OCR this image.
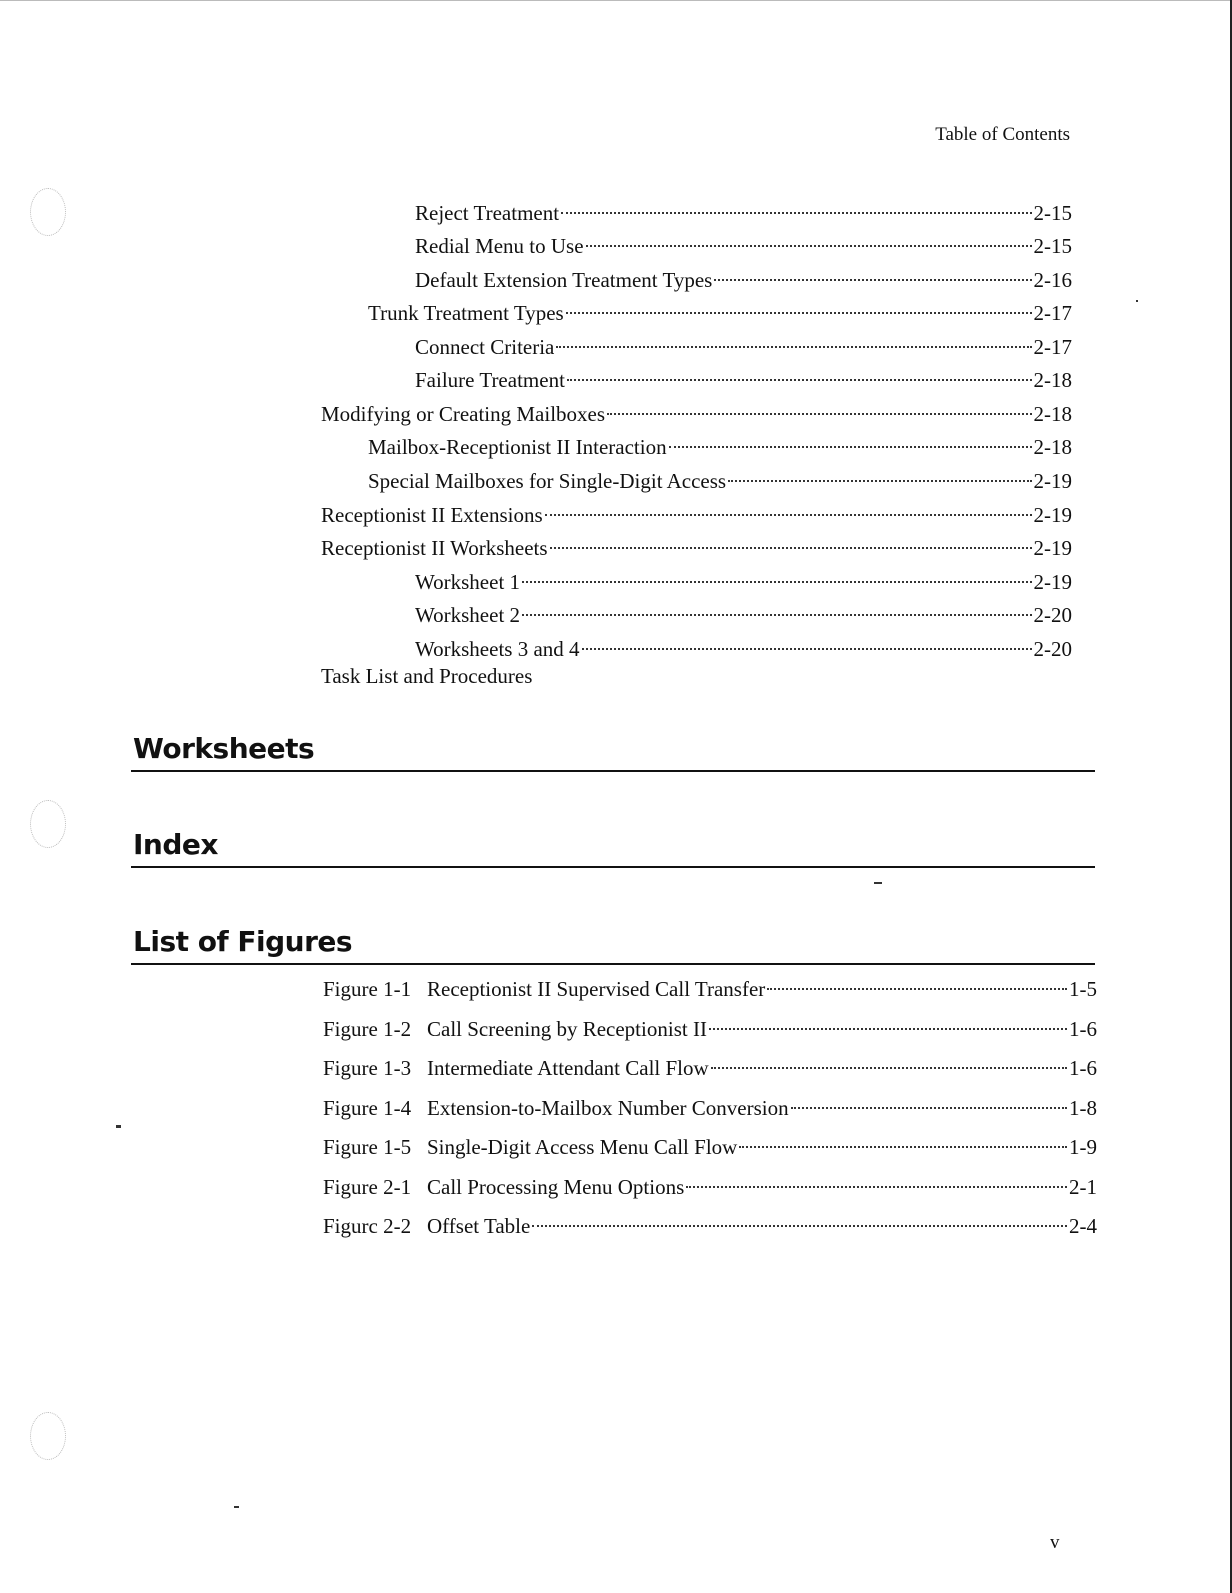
Table of Contents
Reject Treatment	2-15
Redial Menu to Use	2-15
Default Extension Treatment Types	2-16
Trunk Treatment Types	2-17
Connect Criteria	2-17
Failure Treatment	2-18
Modifying or Creating Mailboxes	2-18
Mailbox-Receptionist II Interaction	2-18
Special Mailboxes for Single-Digit Access	2-19
Receptionist II Extensions	2-19
Receptionist II Worksheets	2-19
Worksheet 1	2-19
Worksheet 2	2-20
Worksheets 3 and 4	2-20
Task List and Procedures
Worksheets
Index
List of Figures
Figure 1-1 Receptionist II Supervised Call Transfer	1-5
Figure 1-2 Call Screening by Receptionist II	1-6
Figure 1-3 Intermediate Attendant Call Flow	1-6
Figure 1-4 Extension-to-Mailbox Number Conversion	1-8
Figure 1-5 Single-Digit Access Menu Call Flow	1-9
Figure 2-1 Call Processing Menu Options	2-1
Figurc 2-2 Offset Table	2-4
v
